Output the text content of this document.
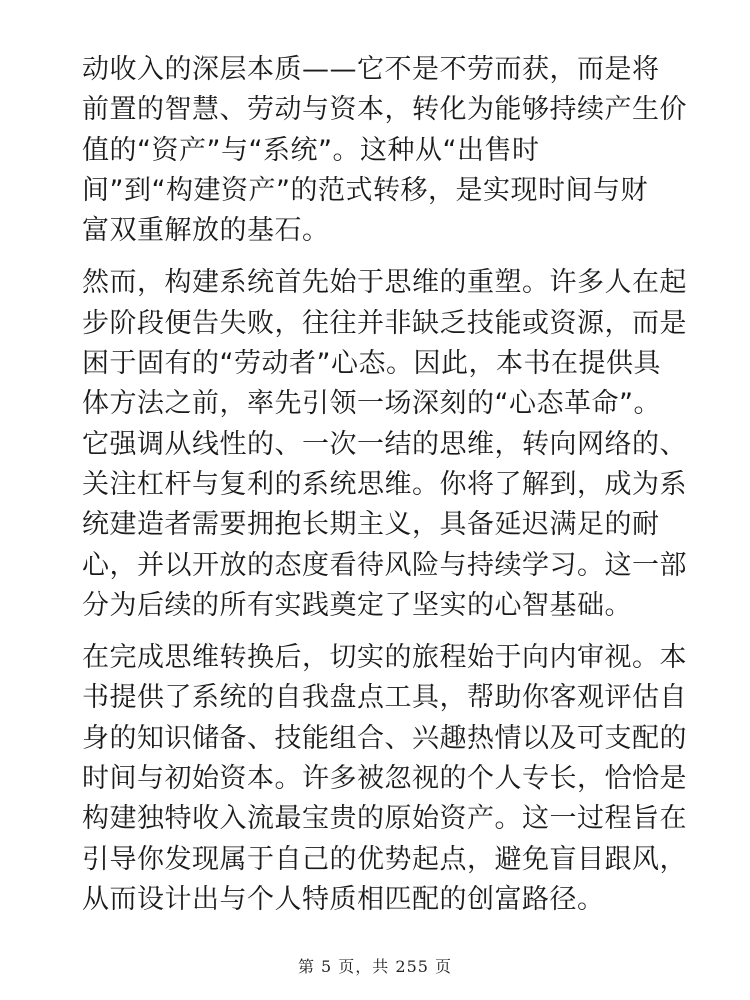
动收入的深层本质——它不是不劳而获，而是将
前置的智慧、劳动与资本，转化为能够持续产生价
值的“资产”与“系统”。这种从“出售时
间”到“构建资产”的范式转移，是实现时间与财
富双重解放的基石。
然而，构建系统首先始于思维的重塑。许多人在起
步阶段便告失败，往往并非缺乏技能或资源，而是
困于固有的“劳动者”心态。因此，本书在提供具
体方法之前，率先引领一场深刻的“心态革命”。
它强调从线性的、一次一结的思维，转向网络的、
关注杠杆与复利的系统思维。你将了解到，成为系
统建造者需要拥抱长期主义，具备延迟满足的耐
心，并以开放的态度看待风险与持续学习。这一部
分为后续的所有实践奠定了坚实的心智基础。
在完成思维转换后，切实的旅程始于向内审视。本
书提供了系统的自我盘点工具，帮助你客观评估自
身的知识储备、技能组合、兴趣热情以及可支配的
时间与初始资本。许多被忽视的个人专长，恰恰是
构建独特收入流最宝贵的原始资产。这一过程旨在
引导你发现属于自己的优势起点，避免盲目跟风，
从而设计出与个人特质相匹配的创富路径。
第 5 页，共 255 页
